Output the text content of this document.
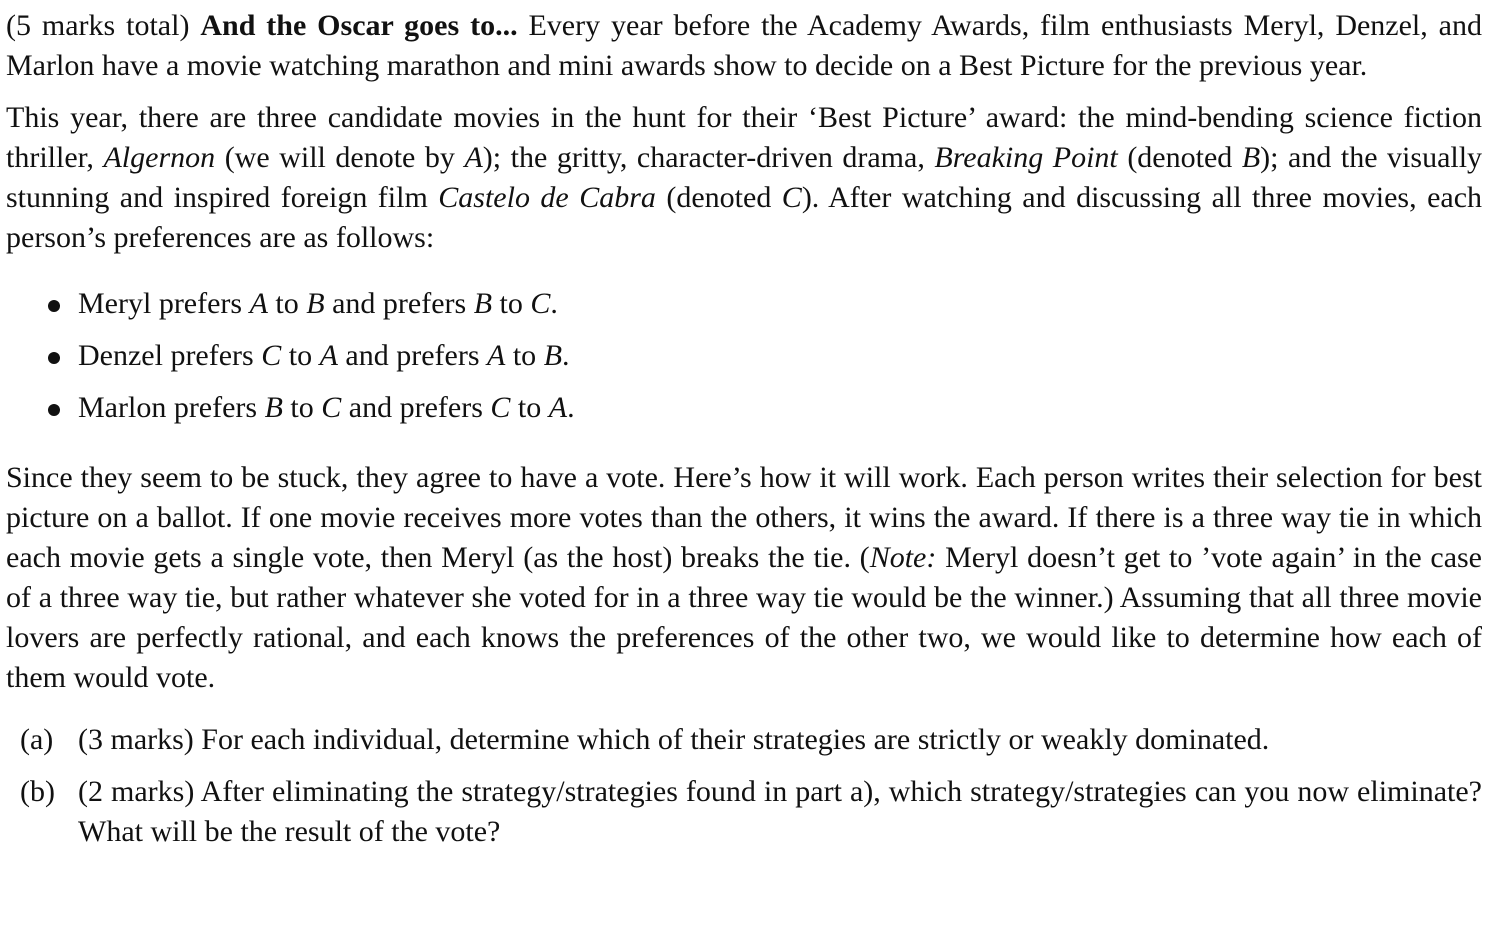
(5 marks total) And the Oscar goes to... Every year before the Academy Awards, film enthusiasts Meryl, Denzel, and Marlon have a movie watching marathon and mini awards show to decide on a Best Picture for the previous year.

This year, there are three candidate movies in the hunt for their ‘Best Picture’ award: the mind-bending science fiction thriller, Algernon (we will denote by A); the gritty, character-driven drama, Breaking Point (denoted B); and the visually stunning and inspired foreign film Castelo de Cabra (denoted C). After watching and discussing all three movies, each person’s preferences are as follows:

Meryl prefers A to B and prefers B to C.
Denzel prefers C to A and prefers A to B.
Marlon prefers B to C and prefers C to A.

Since they seem to be stuck, they agree to have a vote. Here’s how it will work. Each person writes their selection for best picture on a ballot. If one movie receives more votes than the others, it wins the award. If there is a three way tie in which each movie gets a single vote, then Meryl (as the host) breaks the tie. (Note: Meryl doesn’t get to ’vote again’ in the case of a three way tie, but rather whatever she voted for in a three way tie would be the winner.) Assuming that all three movie lovers are perfectly rational, and each knows the preferences of the other two, we would like to determine how each of them would vote.

(a) (3 marks) For each individual, determine which of their strategies are strictly or weakly dominated.
(b) (2 marks) After eliminating the strategy/strategies found in part a), which strategy/strategies can you now eliminate? What will be the result of the vote?
